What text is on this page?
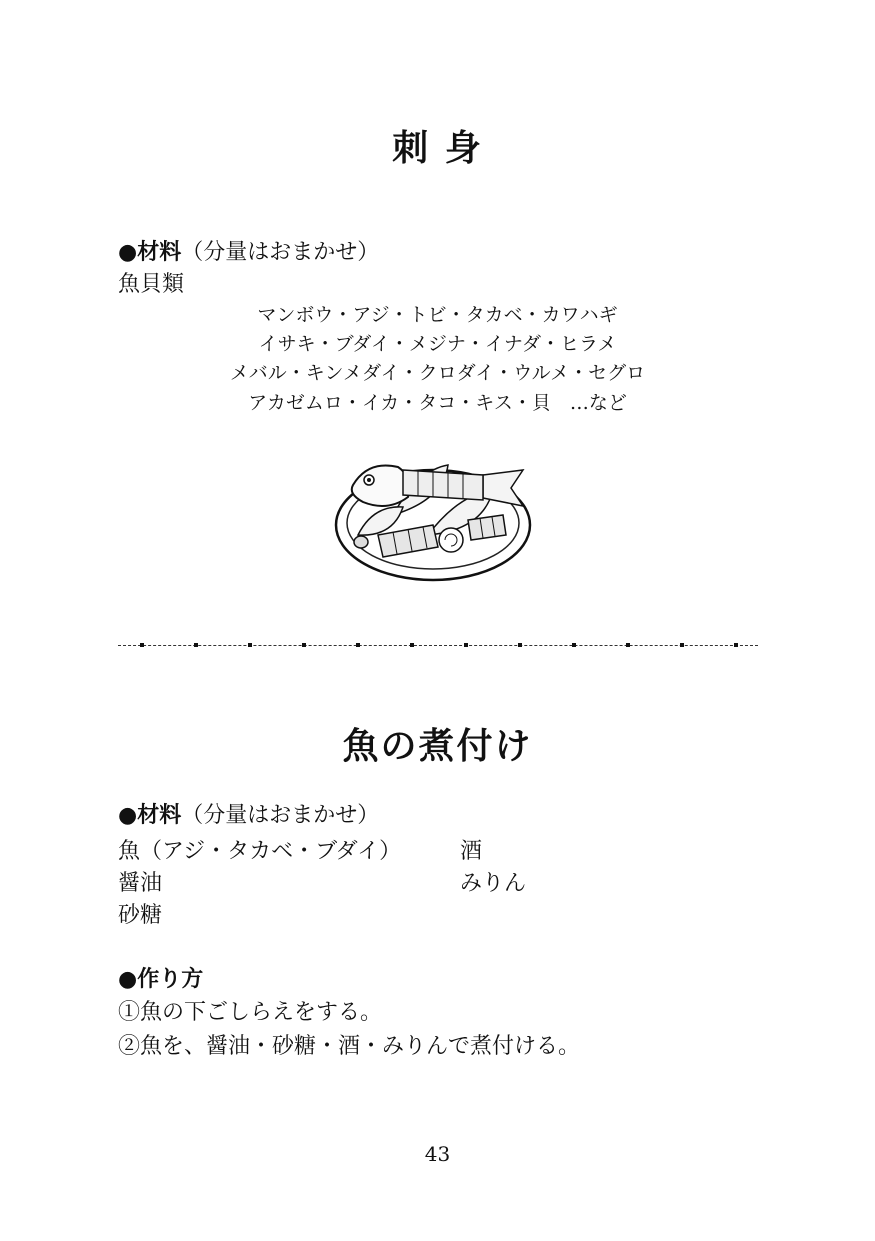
刺 身
●材料（分量はおまかせ）
魚貝類
マンボウ・アジ・トビ・タカベ・カワハギ
イサキ・ブダイ・メジナ・イナダ・ヒラメ
メバル・キンメダイ・クロダイ・ウルメ・セグロ
アカゼムロ・イカ・タコ・キス・貝　…など
魚の煮付け
●材料（分量はおまかせ）
魚（アジ・タカベ・ブダイ）
醤油
砂糖
酒
みりん
●作り方
①魚の下ごしらえをする。
②魚を、醤油・砂糖・酒・みりんで煮付ける。
43
